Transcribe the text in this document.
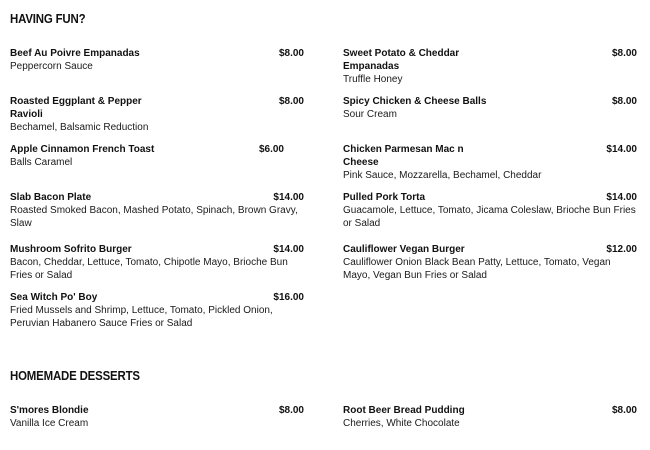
HAVING FUN?
Beef Au Poivre Empanadas	$8.00
Peppercorn Sauce
Sweet Potato & Cheddar Empanadas
$8.00
Truffle Honey
Roasted Eggplant & Pepper Ravioli
$8.00
Bechamel, Balsamic Reduction
Spicy Chicken & Cheese Balls	$8.00
Sour Cream
Apple Cinnamon French Toast	$6.00
Balls Caramel
Chicken Parmesan Mac n Cheese
$14.00
Pink Sauce, Mozzarella, Bechamel, Cheddar
Slab Bacon Plate	$14.00
Roasted Smoked Bacon, Mashed Potato, Spinach, Brown Gravy, Slaw
Pulled Pork Torta	$14.00
Guacamole, Lettuce, Tomato, Jicama Coleslaw, Brioche Bun Fries or Salad
Mushroom Sofrito Burger	$14.00
Bacon, Cheddar, Lettuce, Tomato, Chipotle Mayo, Brioche Bun Fries or Salad
Cauliflower Vegan Burger	$12.00
Cauliflower Onion Black Bean Patty, Lettuce, Tomato, Vegan Mayo, Vegan Bun Fries or Salad
Sea Witch Po' Boy	$16.00
Fried Mussels and Shrimp, Lettuce, Tomato, Pickled Onion, Peruvian Habanero Sauce Fries or Salad
HOMEMADE DESSERTS
S'mores Blondie	$8.00
Vanilla Ice Cream
Root Beer Bread Pudding	$8.00
Cherries, White Chocolate
